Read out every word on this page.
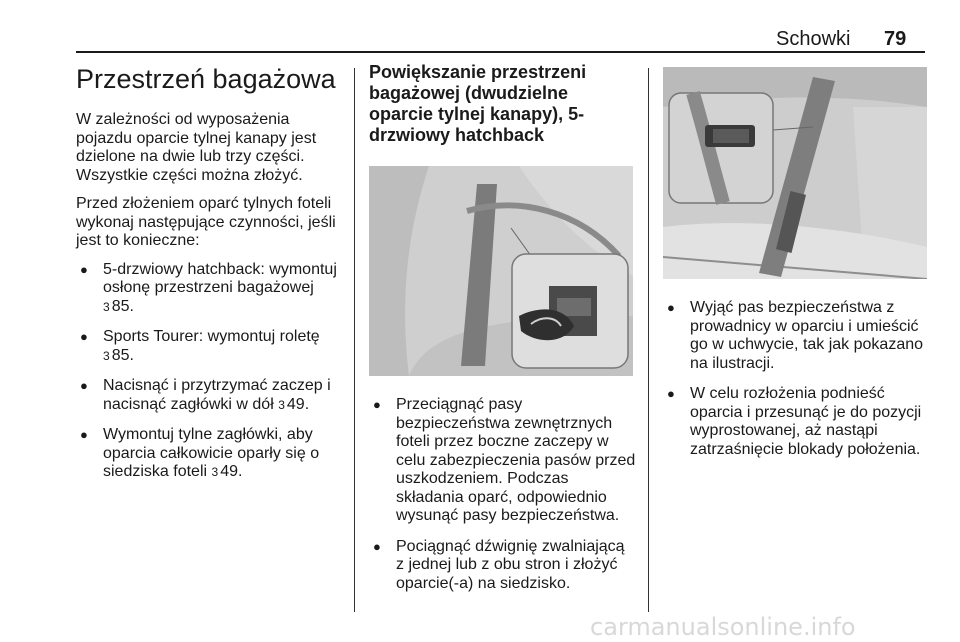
Schowki 79
Przestrzeń bagażowa

W zależności od wyposażenia pojazdu oparcie tylnej kanapy jest dzielone na dwie lub trzy części. Wszystkie części można złożyć.

Przed złożeniem oparć tylnych foteli wykonaj następujące czynności, jeśli jest to konieczne:

● 5-drzwiowy hatchback: wymontuj osłonę przestrzeni bagażowej
3 85.
● Sports Tourer: wymontuj roletę
3 85.
● Nacisnąć i przytrzymać zaczep i nacisnąć zagłówki w dół 3 49.
● Wymontuj tylne zagłówki, aby oparcia całkowicie oparły się o siedziska foteli 3 49.
Powiększanie przestrzeni bagażowej (dwudzielne oparcie tylnej kanapy), 5-drzwiowy hatchback
● Przeciągnąć pasy bezpieczeństwa zewnętrznych foteli przez boczne zaczepy w celu zabezpieczenia pasów przed uszkodzeniem. Podczas składania oparć, odpowiednio wysunąć pasy bezpieczeństwa.
● Pociągnąć dźwignię zwalniającą z jednej lub z obu stron i złożyć oparcie(-a) na siedzisko.
● Wyjąć pas bezpieczeństwa z prowadnicy w oparciu i umieścić go w uchwycie, tak jak pokazano na ilustracji.
● W celu rozłożenia podnieść oparcia i przesunąć je do pozycji wyprostowanej, aż nastąpi zatrzaśnięcie blokady położenia.
carmanualsonline.info
